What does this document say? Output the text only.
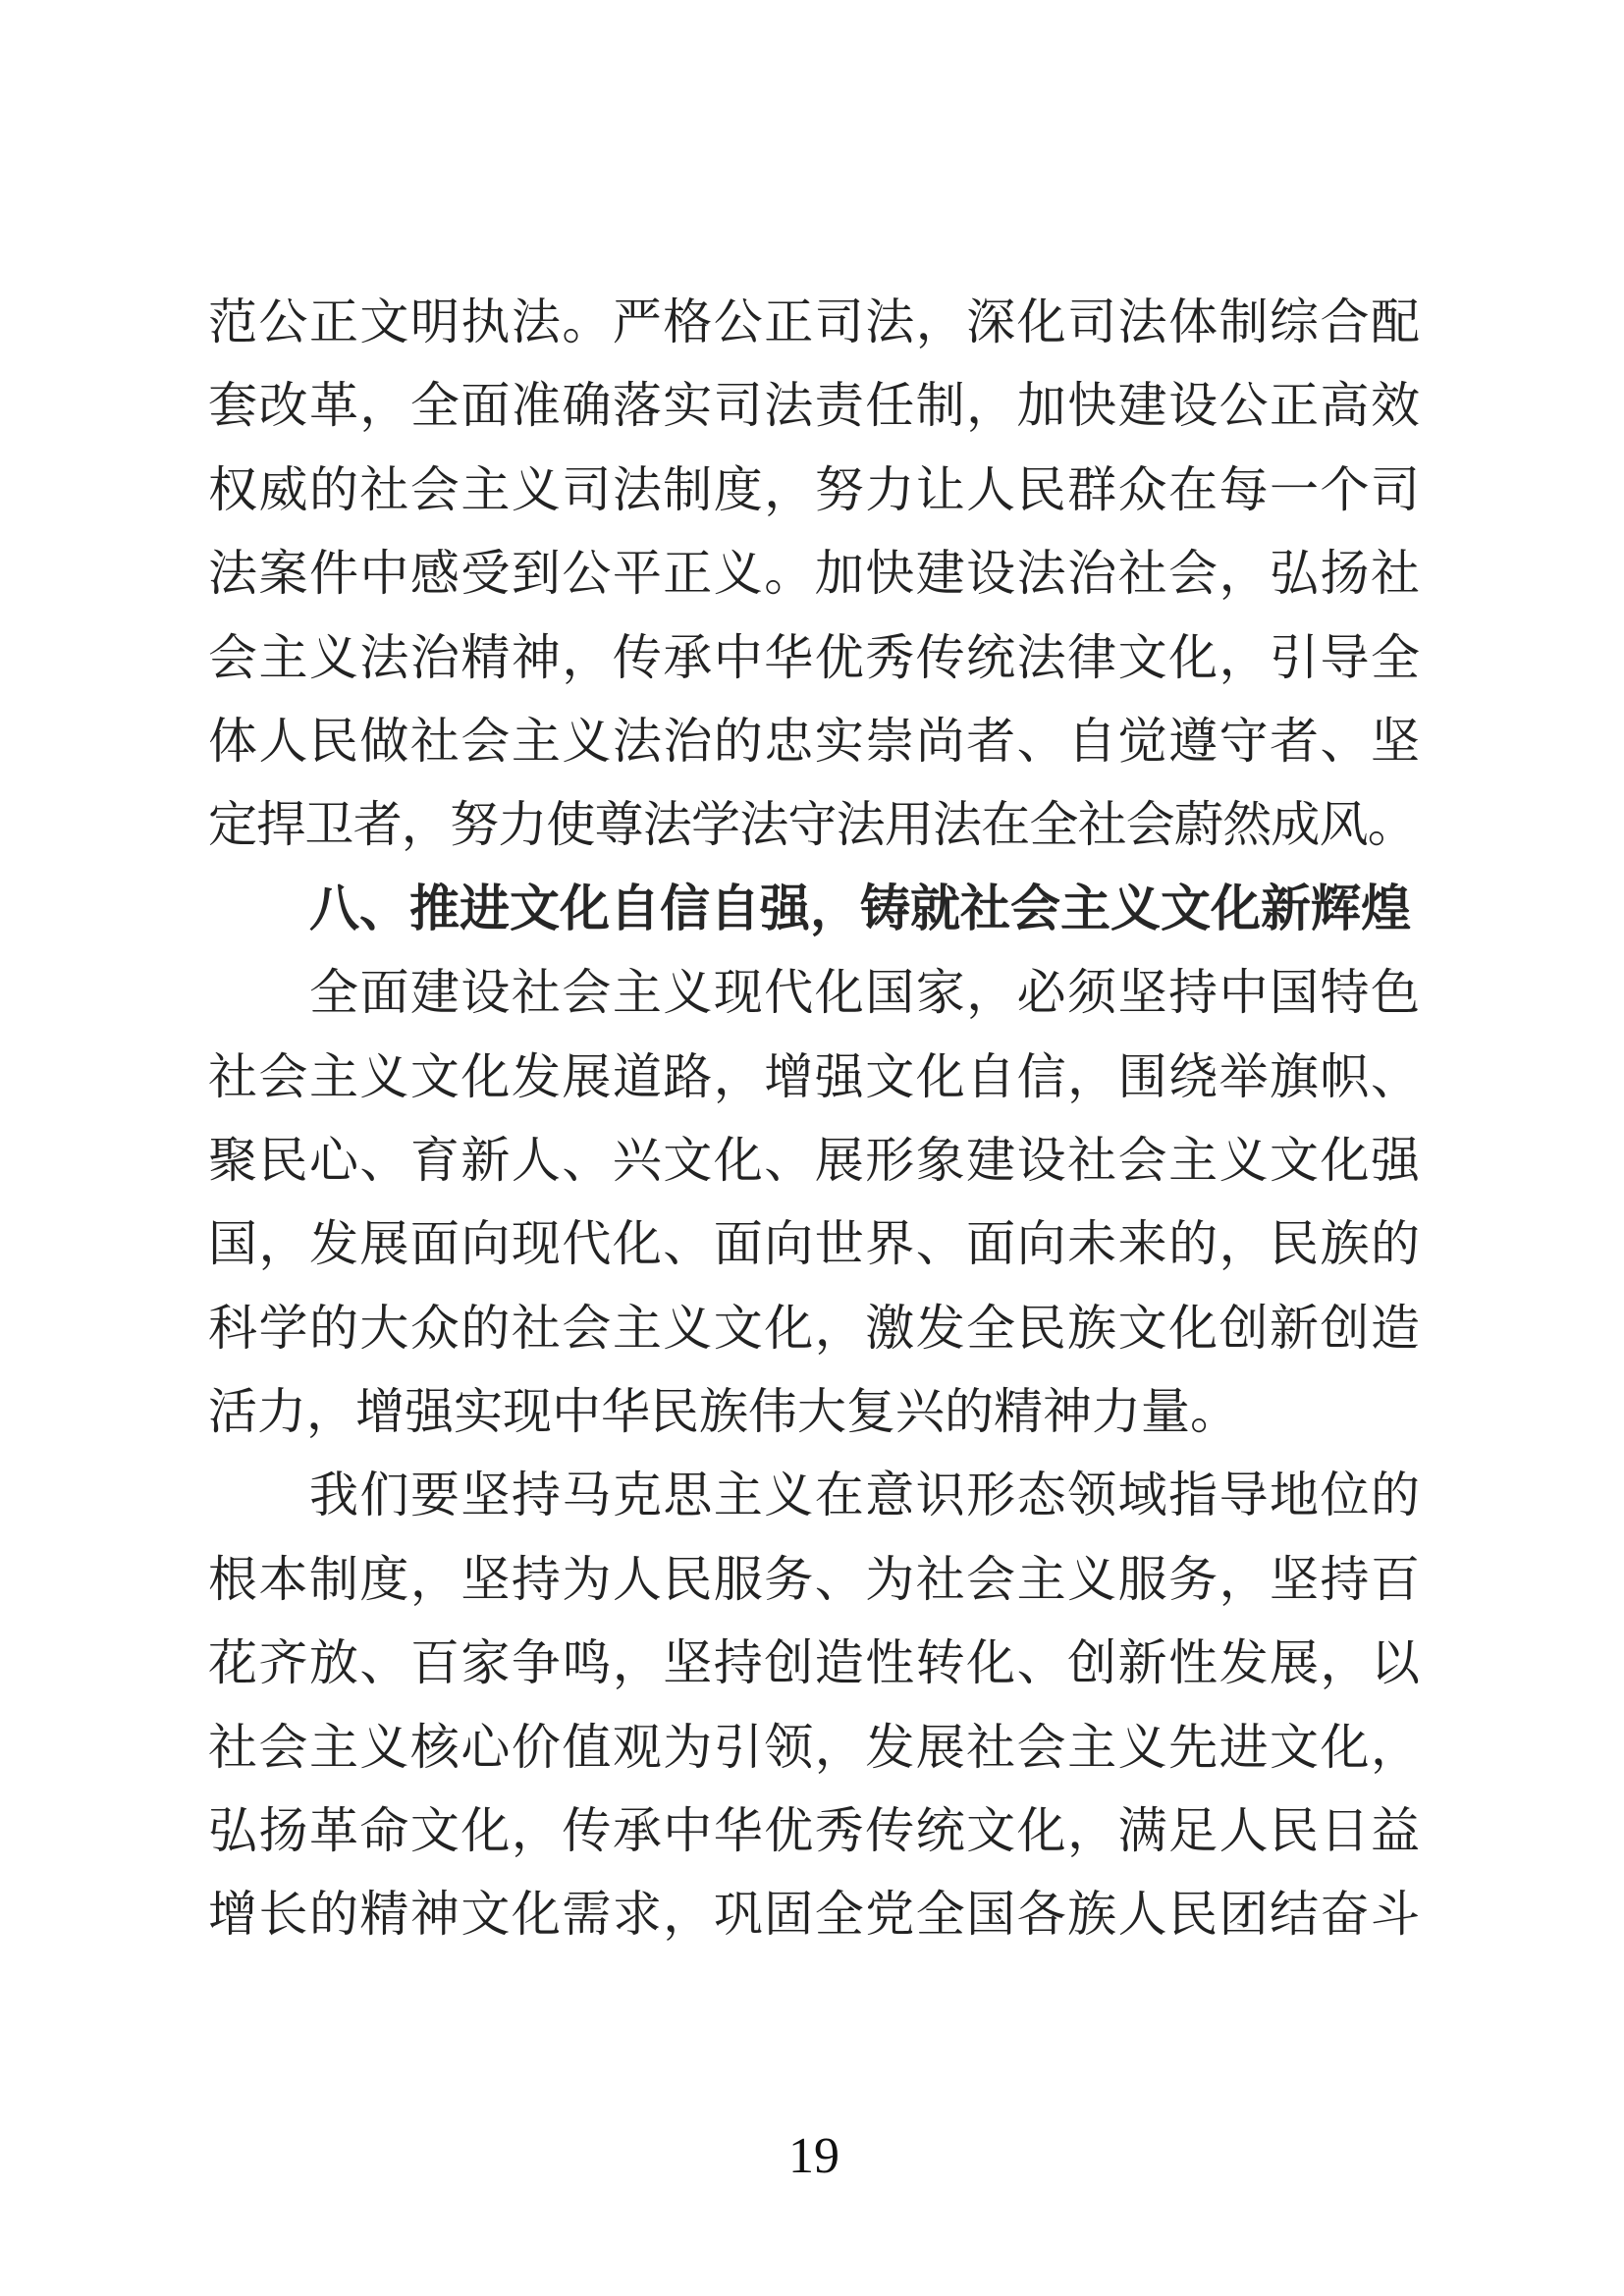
范公正文明执法。严格公正司法，深化司法体制综合配
套改革，全面准确落实司法责任制，加快建设公正高效
权威的社会主义司法制度，努力让人民群众在每一个司
法案件中感受到公平正义。加快建设法治社会，弘扬社
会主义法治精神，传承中华优秀传统法律文化，引导全
体人民做社会主义法治的忠实崇尚者、自觉遵守者、坚
定捍卫者，努力使尊法学法守法用法在全社会蔚然成风。
八、推进文化自信自强，铸就社会主义文化新辉煌
全面建设社会主义现代化国家，必须坚持中国特色
社会主义文化发展道路，增强文化自信，围绕举旗帜、
聚民心、育新人、兴文化、展形象建设社会主义文化强
国，发展面向现代化、面向世界、面向未来的，民族的
科学的大众的社会主义文化，激发全民族文化创新创造
活力，增强实现中华民族伟大复兴的精神力量。
我们要坚持马克思主义在意识形态领域指导地位的
根本制度，坚持为人民服务、为社会主义服务，坚持百
花齐放、百家争鸣，坚持创造性转化、创新性发展，以
社会主义核心价值观为引领，发展社会主义先进文化，
弘扬革命文化，传承中华优秀传统文化，满足人民日益
增长的精神文化需求，巩固全党全国各族人民团结奋斗
19
